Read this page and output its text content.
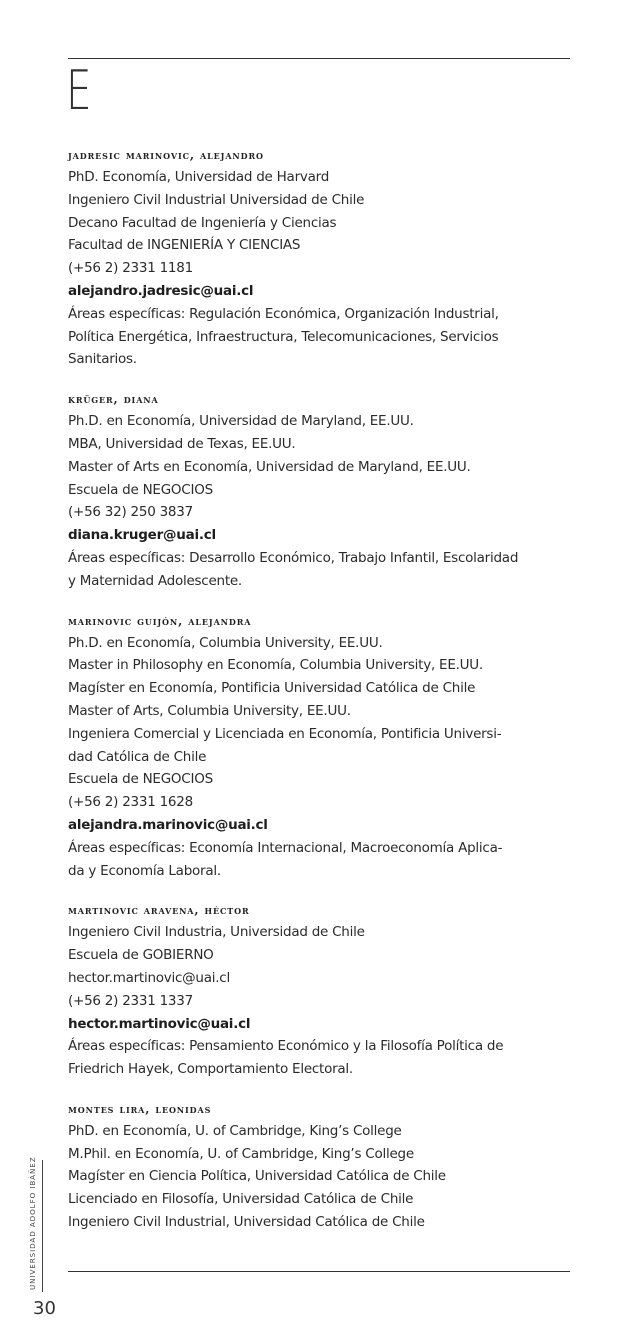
E
jadresic marinovic, alejandro
PhD. Economía, Universidad de Harvard
Ingeniero Civil Industrial Universidad de Chile
Decano Facultad de Ingeniería y Ciencias
Facultad de INGENIERÍA Y CIENCIAS
(+56 2) 2331 1181
alejandro.jadresic@uai.cl
Áreas específicas: Regulación Económica, Organización Industrial,
Política Energética, Infraestructura, Telecomunicaciones, Servicios
Sanitarios.
krüger, diana
Ph.D. en Economía, Universidad de Maryland, EE.UU.
MBA, Universidad de Texas, EE.UU.
Master of Arts en Economía, Universidad de Maryland, EE.UU.
Escuela de NEGOCIOS
(+56 32) 250 3837
diana.kruger@uai.cl
Áreas específicas: Desarrollo Económico, Trabajo Infantil, Escolaridad
y Maternidad Adolescente.
marinovic guijón, alejandra
Ph.D. en Economía, Columbia University, EE.UU.
Master in Philosophy en Economía, Columbia University, EE.UU.
Magíster en Economía, Pontificia Universidad Católica de Chile
Master of Arts, Columbia University, EE.UU.
Ingeniera Comercial y Licenciada en Economía, Pontificia Universi-
dad Católica de Chile
Escuela de NEGOCIOS
(+56 2) 2331 1628
alejandra.marinovic@uai.cl
Áreas específicas: Economía Internacional, Macroeconomía Aplica-
da y Economía Laboral.
martinovic aravena, héctor
Ingeniero Civil Industria, Universidad de Chile
Escuela de GOBIERNO
hector.martinovic@uai.cl
(+56 2) 2331 1337
hector.martinovic@uai.cl
Áreas específicas: Pensamiento Económico y la Filosofía Política de
Friedrich Hayek, Comportamiento Electoral.
montes lira, leonidas
PhD. en Economía, U. of Cambridge, King’s College
M.Phil. en Economía, U. of Cambridge, King’s College
Magíster en Ciencia Política, Universidad Católica de Chile
Licenciado en Filosofía, Universidad Católica de Chile
Ingeniero Civil Industrial, Universidad Católica de Chile
UNIVERSIDAD ADOLFO IBÁÑEZ
30
